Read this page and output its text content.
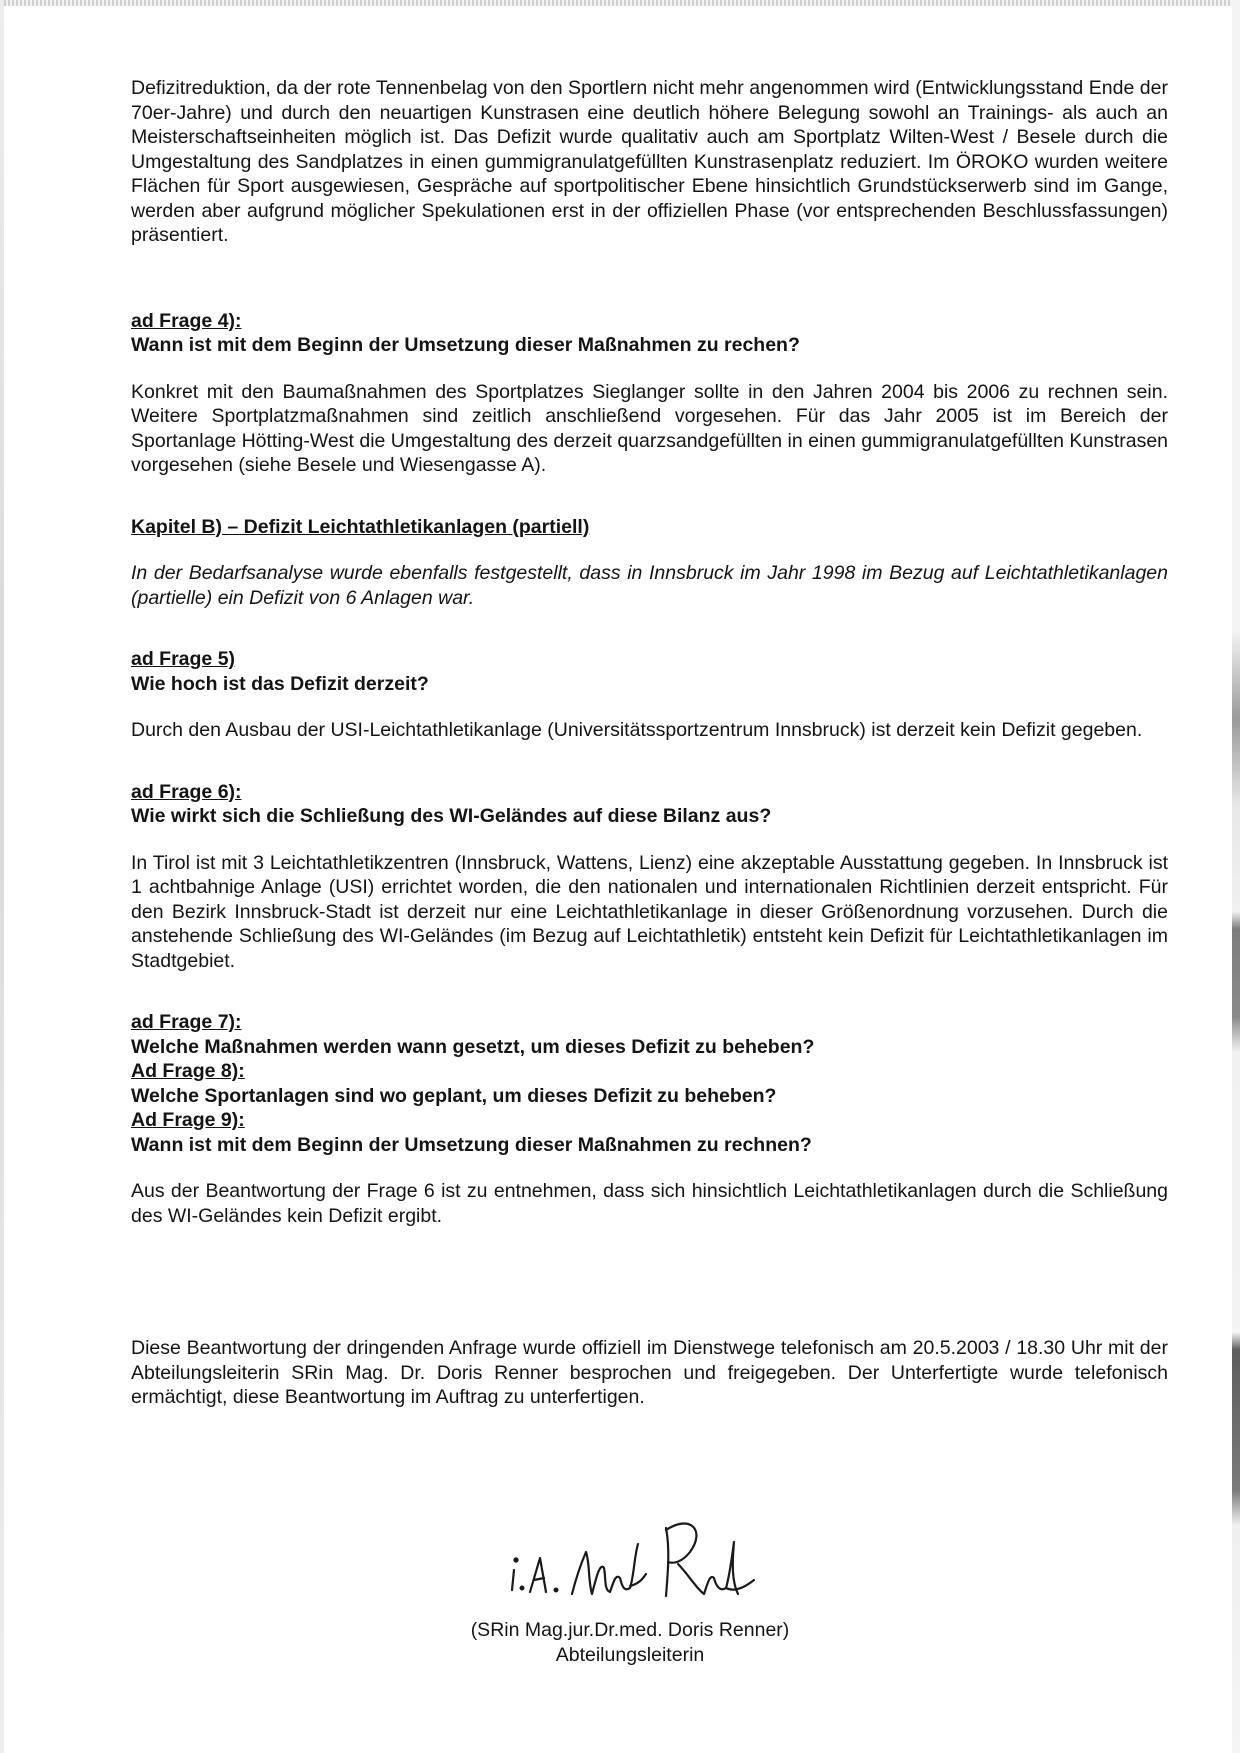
Defizitreduktion, da der rote Tennenbelag von den Sportlern nicht mehr angenommen wird (Entwicklungsstand Ende der 70er-Jahre) und durch den neuartigen Kunstrasen eine deutlich höhere Belegung sowohl an Trainings- als auch an Meisterschaftseinheiten möglich ist. Das Defizit wurde qualitativ auch am Sportplatz Wilten-West / Besele durch die Umgestaltung des Sandplatzes in einen gummigranulatgefüllten Kunstrasenplatz reduziert. Im ÖROKO wurden weitere Flächen für Sport ausgewiesen, Gespräche auf sportpolitischer Ebene hinsichtlich Grundstückserwerb sind im Gange, werden aber aufgrund möglicher Spekulationen erst in der offiziellen Phase (vor entsprechenden Beschlussfassungen) präsentiert.

ad Frage 4):

Wann ist mit dem Beginn der Umsetzung dieser Maßnahmen zu rechen?

Konkret mit den Baumaßnahmen des Sportplatzes Sieglanger sollte in den Jahren 2004 bis 2006 zu rechnen sein. Weitere Sportplatzmaßnahmen sind zeitlich anschließend vorgesehen. Für das Jahr 2005 ist im Bereich der Sportanlage Hötting-West die Umgestaltung des derzeit quarzsandgefüllten in einen gummigranulatgefüllten Kunstrasen vorgesehen (siehe Besele und Wiesengasse A).

Kapitel B) – Defizit Leichtathletikanlagen (partiell)

In der Bedarfsanalyse wurde ebenfalls festgestellt, dass in Innsbruck im Jahr 1998 im Bezug auf Leichtathletikanlagen (partielle) ein Defizit von 6 Anlagen war.

ad Frage 5)

Wie hoch ist das Defizit derzeit?

Durch den Ausbau der USI-Leichtathletikanlage (Universitätssportzentrum Innsbruck) ist derzeit kein Defizit gegeben.

ad Frage 6):

Wie wirkt sich die Schließung des WI-Geländes auf diese Bilanz aus?

In Tirol ist mit 3 Leichtathletikzentren (Innsbruck, Wattens, Lienz) eine akzeptable Ausstattung gegeben. In Innsbruck ist 1 achtbahnige Anlage (USI) errichtet worden, die den nationalen und internationalen Richtlinien derzeit entspricht. Für den Bezirk Innsbruck-Stadt ist derzeit nur eine Leichtathletikanlage in dieser Größenordnung vorzusehen. Durch die anstehende Schließung des WI-Geländes (im Bezug auf Leichtathletik) entsteht kein Defizit für Leichtathletikanlagen im Stadtgebiet.

ad Frage 7):

Welche Maßnahmen werden wann gesetzt, um dieses Defizit zu beheben?

Ad Frage 8):

Welche Sportanlagen sind wo geplant, um dieses Defizit zu beheben?

Ad Frage 9):

Wann ist mit dem Beginn der Umsetzung dieser Maßnahmen zu rechnen?

Aus der Beantwortung der Frage 6 ist zu entnehmen, dass sich hinsichtlich Leichtathletikanlagen durch die Schließung des WI-Geländes kein Defizit ergibt.

Diese Beantwortung der dringenden Anfrage wurde offiziell im Dienstwege telefonisch am 20.5.2003 / 18.30 Uhr mit der Abteilungsleiterin SRin Mag. Dr. Doris Renner besprochen und freigegeben. Der Unterfertigte wurde telefonisch ermächtigt, diese Beantwortung im Auftrag zu unterfertigen.

(SRin Mag.jur.Dr.med. Doris Renner)

Abteilungsleiterin
